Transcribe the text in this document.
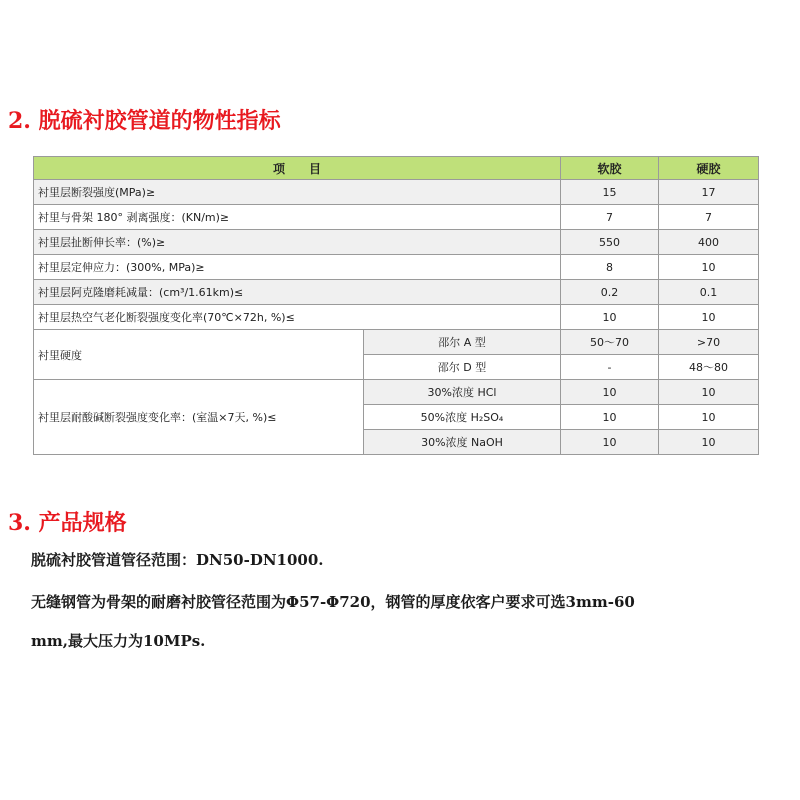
2. 脱硫衬胶管道的物性指标
项　　目		软胶	硬胶
衬里层断裂强度(MPa)≥		15	17
衬里与骨架 180° 剥离强度：(KN/m)≥		7	7
衬里层扯断伸长率：(%)≥		550	400
衬里层定伸应力：(300%, MPa)≥		8	10
衬里层阿克隆磨耗减量：(cm³/1.61km)≤		0.2	0.1
衬里层热空气老化断裂强度变化率(70℃×72h, %)≤		10	10
衬里硬度	邵尔 A 型	50～70	>70
	邵尔 D 型	-	48～80
衬里层耐酸碱断裂强度变化率：(室温×7天, %)≤	30%浓度 HCl	10	10
	50%浓度 H₂SO₄	10	10
	30%浓度 NaOH	10	10
3. 产品规格
脱硫衬胶管道管径范围：DN50-DN1000.
无缝钢管为骨架的耐磨衬胶管径范围为Φ57-Φ720，钢管的厚度依客户要求可选3mm-60
mm,最大压力为10MPs.
